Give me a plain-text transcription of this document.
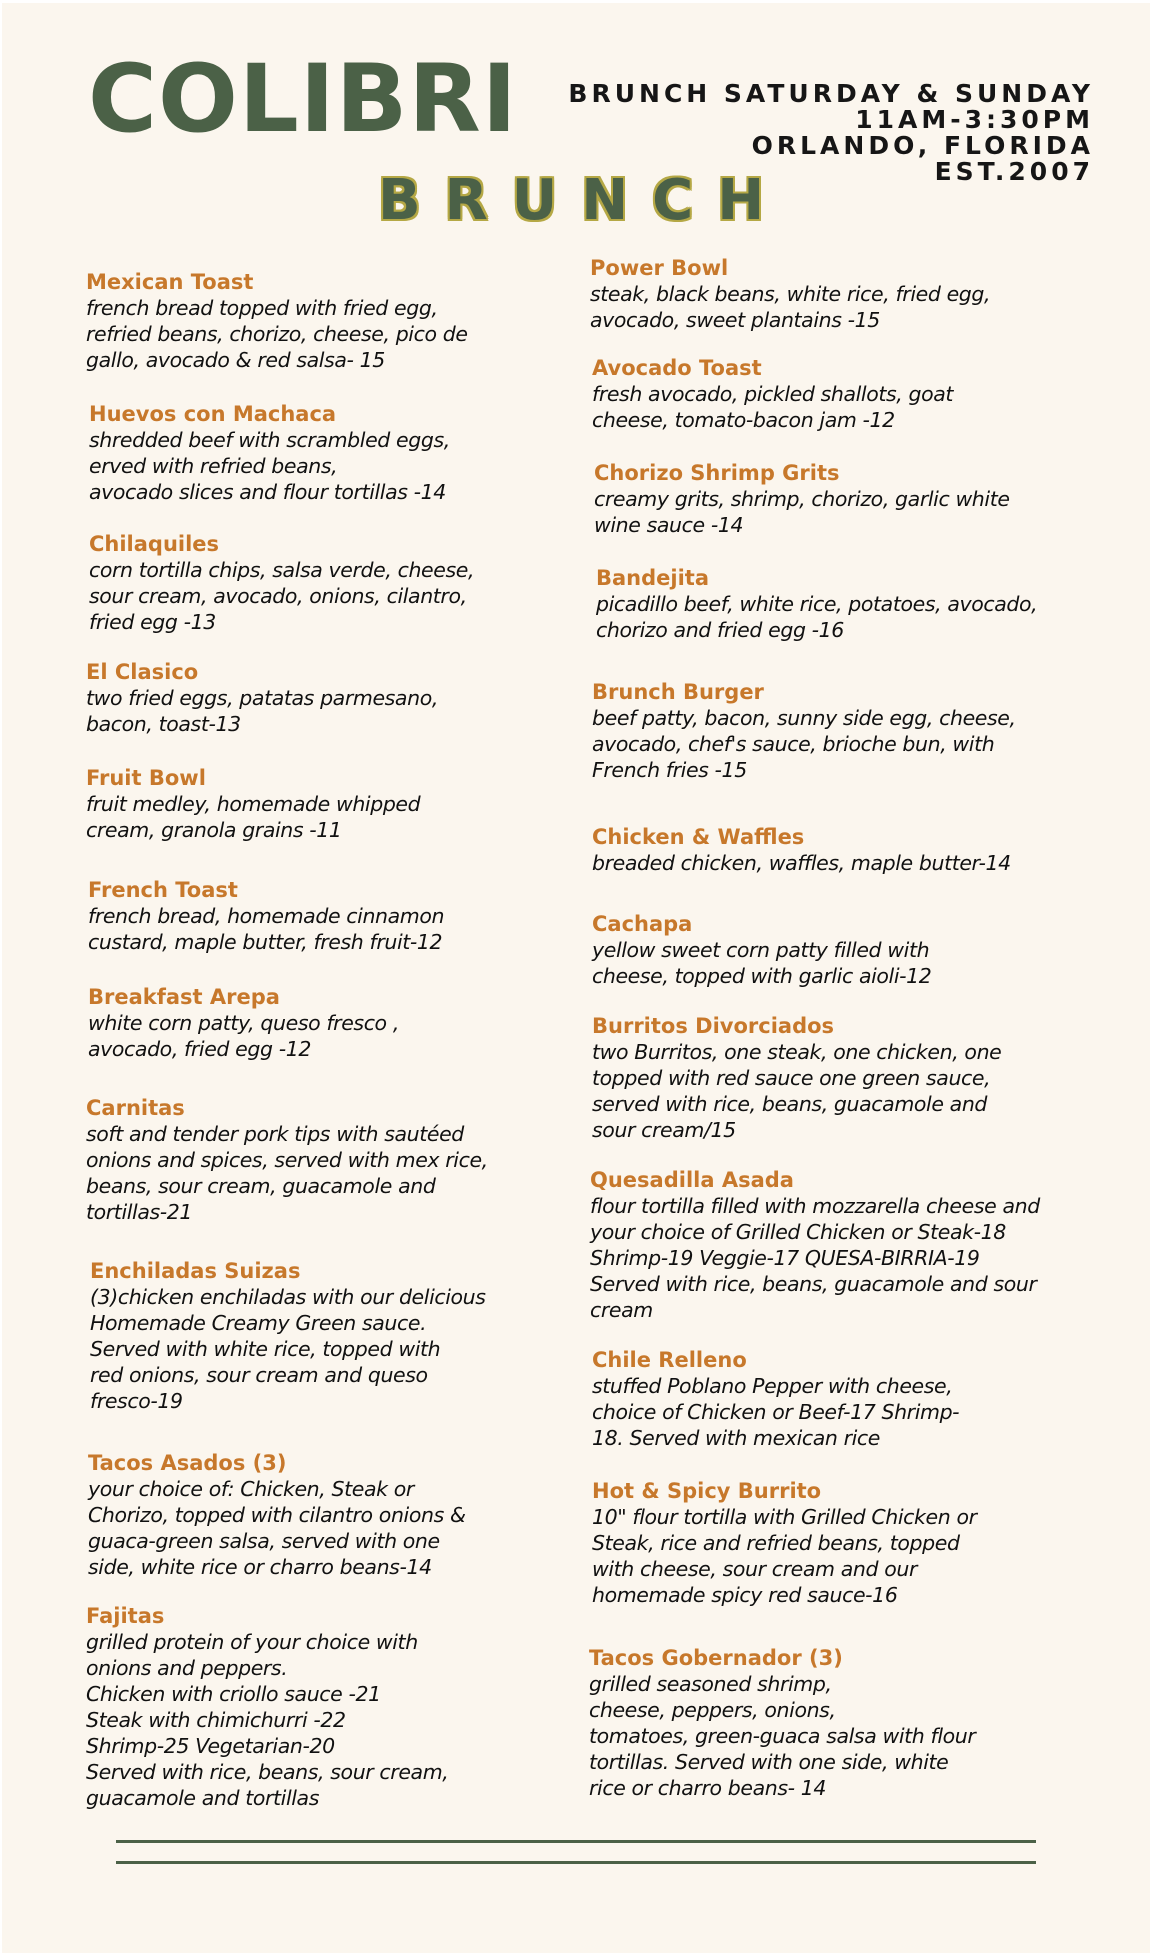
COLIBRI BRUNCH SATURDAY & SUNDAY
11AM-3:30PM
ORLANDO, FLORIDA
EST.2007
BRUNCH
Mexican Toast
french bread topped with fried egg,
refried beans, chorizo, cheese, pico de
gallo, avocado & red salsa- 15
Huevos con Machaca
shredded beef with scrambled eggs,
erved with refried beans,
avocado slices and flour tortillas -14
Chilaquiles
corn tortilla chips, salsa verde, cheese,
sour cream, avocado, onions, cilantro,
fried egg -13
El Clasico
two fried eggs, patatas parmesano,
bacon, toast-13
Fruit Bowl
fruit medley, homemade whipped
cream, granola grains -11
French Toast
french bread, homemade cinnamon
custard, maple butter, fresh fruit-12
Breakfast Arepa
white corn patty, queso fresco ,
avocado, fried egg -12
Carnitas
soft and tender pork tips with sautéed
onions and spices, served with mex rice,
beans, sour cream, guacamole and
tortillas-21
Enchiladas Suizas
(3)chicken enchiladas with our delicious
Homemade Creamy Green sauce.
Served with white rice, topped with
red onions, sour cream and queso
fresco-19
Tacos Asados (3)
your choice of: Chicken, Steak or
Chorizo, topped with cilantro onions &
guaca-green salsa, served with one
side, white rice or charro beans-14
Fajitas
grilled protein of your choice with
onions and peppers.
Chicken with criollo sauce -21
Steak with chimichurri -22
Shrimp-25 Vegetarian-20
Served with rice, beans, sour cream,
guacamole and tortillas
Power Bowl
steak, black beans, white rice, fried egg,
avocado, sweet plantains -15
Avocado Toast
fresh avocado, pickled shallots, goat
cheese, tomato-bacon jam -12
Chorizo Shrimp Grits
creamy grits, shrimp, chorizo, garlic white
wine sauce -14
Bandejita
picadillo beef, white rice, potatoes, avocado,
chorizo and fried egg -16
Brunch Burger
beef patty, bacon, sunny side egg, cheese,
avocado, chef's sauce, brioche bun, with
French fries -15
Chicken & Waffles
breaded chicken, waffles, maple butter-14
Cachapa
yellow sweet corn patty filled with
cheese, topped with garlic aioli-12
Burritos Divorciados
two Burritos, one steak, one chicken, one
topped with red sauce one green sauce,
served with rice, beans, guacamole and
sour cream/15
Quesadilla Asada
flour tortilla filled with mozzarella cheese and
your choice of Grilled Chicken or Steak-18
Shrimp-19 Veggie-17 QUESA-BIRRIA-19
Served with rice, beans, guacamole and sour
cream
Chile Relleno
stuffed Poblano Pepper with cheese,
choice of Chicken or Beef-17 Shrimp-
18. Served with mexican rice
Hot & Spicy Burrito
10" flour tortilla with Grilled Chicken or
Steak, rice and refried beans, topped
with cheese, sour cream and our
homemade spicy red sauce-16
Tacos Gobernador (3)
grilled seasoned shrimp,
cheese, peppers, onions,
tomatoes, green-guaca salsa with flour
tortillas. Served with one side, white
rice or charro beans- 14
